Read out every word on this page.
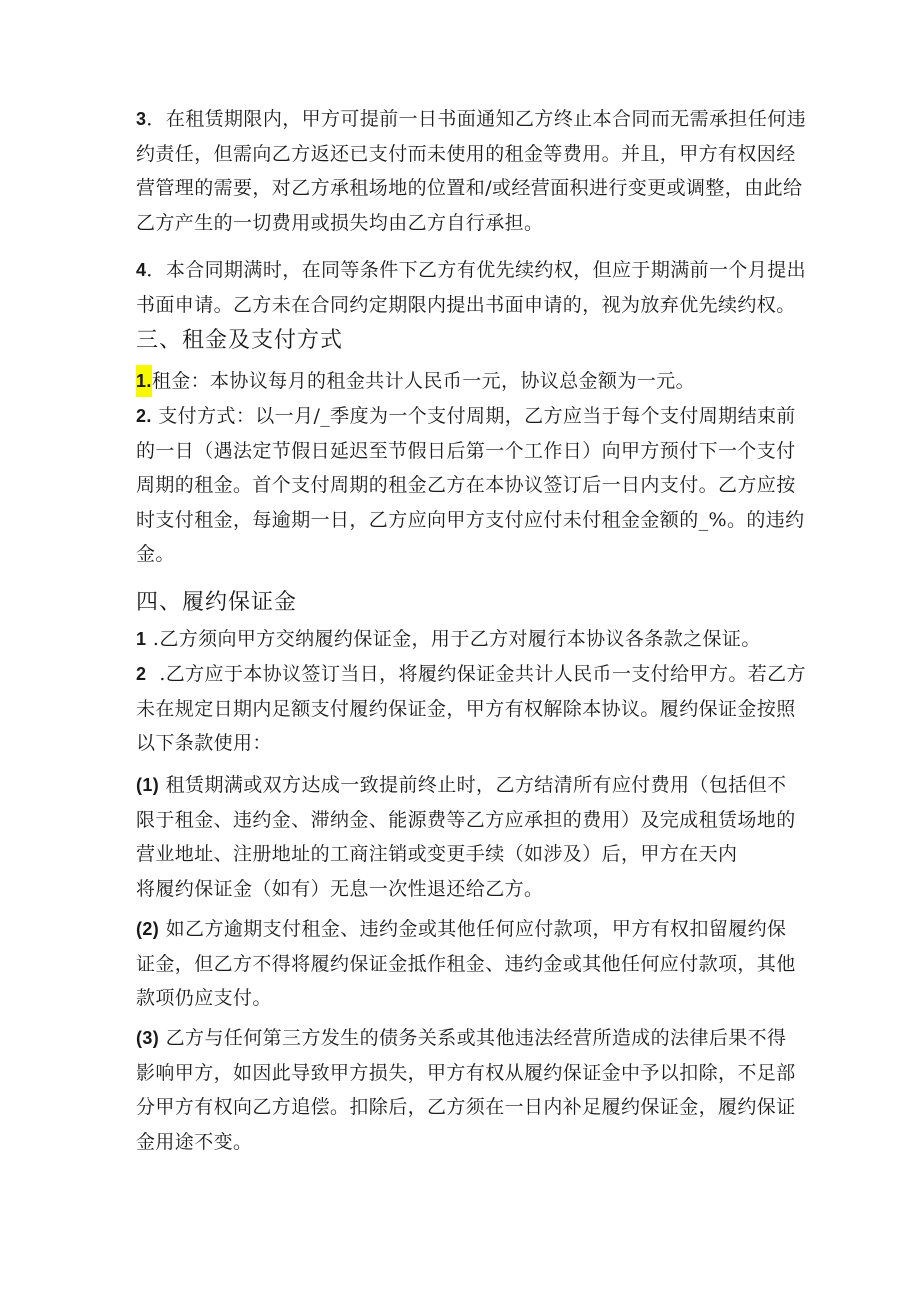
3．在租赁期限内，甲方可提前一日书面通知乙方终止本合同而无需承担任何违
约责任，但需向乙方返还已支付而未使用的租金等费用。并且，甲方有权因经
营管理的需要，对乙方承租场地的位置和/或经营面积进行变更或调整，由此给
乙方产生的一切费用或损失均由乙方自行承担。
4．本合同期满时，在同等条件下乙方有优先续约权，但应于期满前一个月提出
书面申请。乙方未在合同约定期限内提出书面申请的，视为放弃优先续约权。
三、租金及支付方式
1.租金：本协议每月的租金共计人民币一元，协议总金额为一元。
2. 支付方式：以一月/_季度为一个支付周期，乙方应当于每个支付周期结束前
的一日（遇法定节假日延迟至节假日后第一个工作日）向甲方预付下一个支付
周期的租金。首个支付周期的租金乙方在本协议签订后一日内支付。乙方应按
时支付租金，每逾期一日，乙方应向甲方支付应付未付租金金额的_%。的违约
金。
四、履约保证金
1 .乙方须向甲方交纳履约保证金，用于乙方对履行本协议各条款之保证。
2 .乙方应于本协议签订当日，将履约保证金共计人民币一支付给甲方。若乙方
未在规定日期内足额支付履约保证金，甲方有权解除本协议。履约保证金按照
以下条款使用：
(1) 租赁期满或双方达成一致提前终止时，乙方结清所有应付费用（包括但不
限于租金、违约金、滞纳金、能源费等乙方应承担的费用）及完成租赁场地的
营业地址、注册地址的工商注销或变更手续（如涉及）后，甲方在天内
将履约保证金（如有）无息一次性退还给乙方。
(2) 如乙方逾期支付租金、违约金或其他任何应付款项，甲方有权扣留履约保
证金，但乙方不得将履约保证金抵作租金、违约金或其他任何应付款项，其他
款项仍应支付。
(3) 乙方与任何第三方发生的债务关系或其他违法经营所造成的法律后果不得
影响甲方，如因此导致甲方损失，甲方有权从履约保证金中予以扣除，不足部
分甲方有权向乙方追偿。扣除后，乙方须在一日内补足履约保证金，履约保证
金用途不变。
